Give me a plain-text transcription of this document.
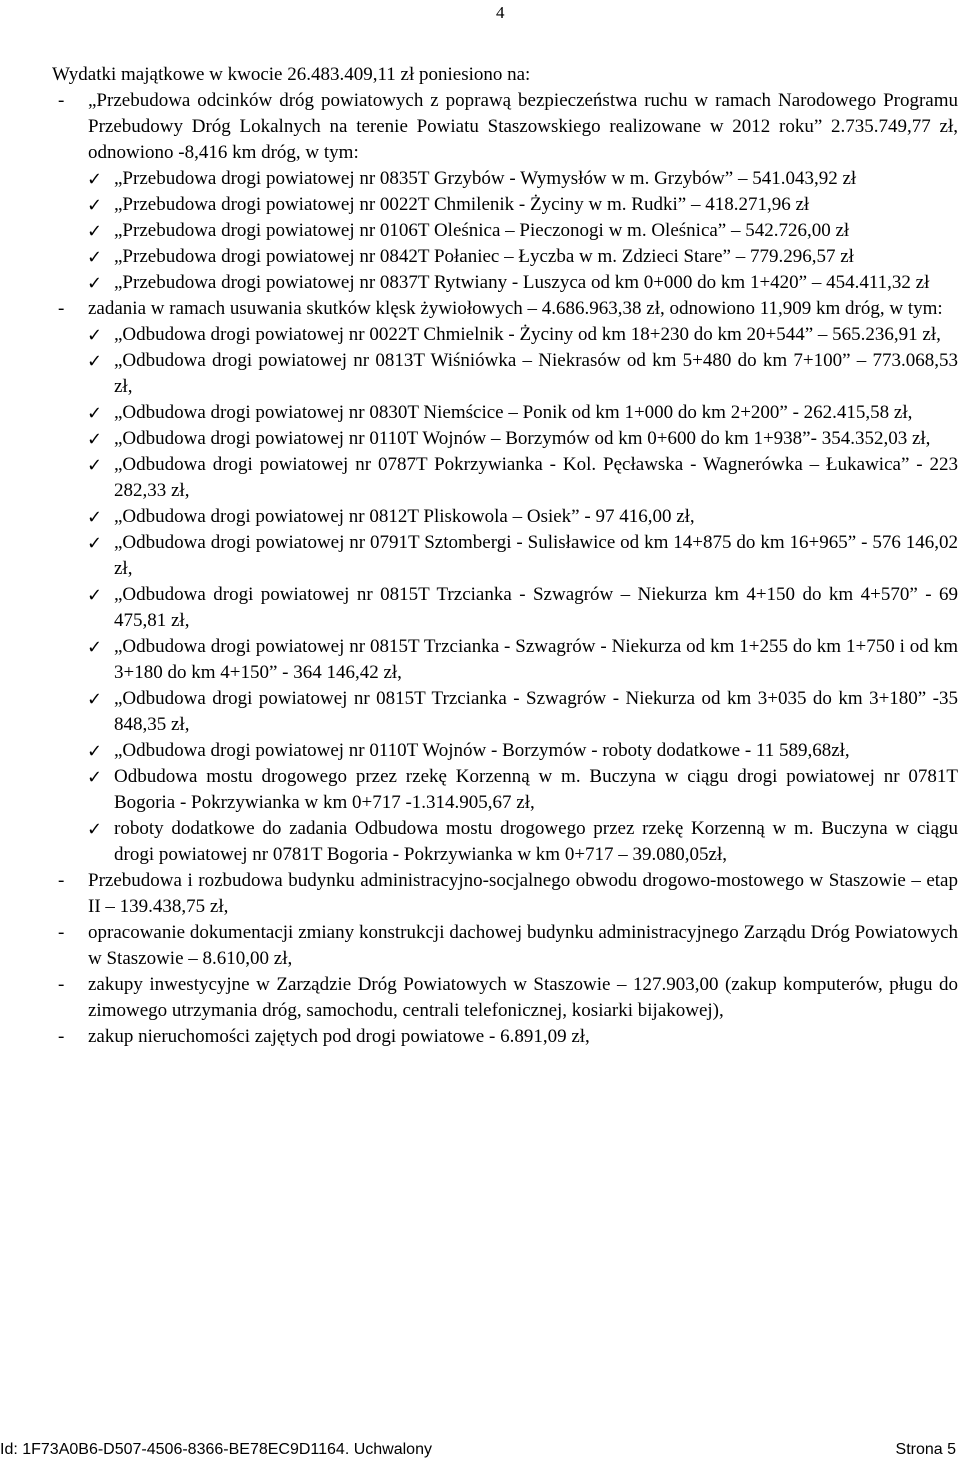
4

Wydatki majątkowe w kwocie 26.483.409,11 zł poniesiono na:

- „Przebudowa odcinków dróg powiatowych z poprawą bezpieczeństwa ruchu w ramach Narodowego Programu Przebudowy Dróg Lokalnych na terenie Powiatu Staszowskiego realizowane w 2012 roku” 2.735.749,77 zł, odnowiono -8,416 km dróg, w tym:
✓ „Przebudowa drogi powiatowej nr 0835T Grzybów - Wymysłów w m. Grzybów” – 541.043,92 zł
✓ „Przebudowa drogi powiatowej nr 0022T Chmilenik - Życiny w m. Rudki” – 418.271,96 zł
✓ „Przebudowa drogi powiatowej nr 0106T Oleśnica – Pieczonogi w m. Oleśnica” – 542.726,00 zł
✓ „Przebudowa drogi powiatowej nr 0842T Połaniec – Łyczba w m. Zdzieci Stare” – 779.296,57 zł
✓ „Przebudowa drogi powiatowej nr 0837T Rytwiany - Luszyca od km 0+000 do km 1+420” – 454.411,32 zł
- zadania w ramach usuwania skutków klęsk żywiołowych – 4.686.963,38 zł, odnowiono 11,909 km dróg, w tym:
✓ „Odbudowa drogi powiatowej nr 0022T Chmielnik - Życiny od km 18+230 do km 20+544” – 565.236,91 zł,
✓ „Odbudowa drogi powiatowej nr 0813T Wiśniówka – Niekrasów od km 5+480 do km 7+100” – 773.068,53 zł,
✓ „Odbudowa drogi powiatowej nr 0830T Niemścice – Ponik od km 1+000 do km 2+200” - 262.415,58 zł,
✓ „Odbudowa drogi powiatowej nr 0110T Wojnów – Borzymów od km 0+600 do km 1+938”- 354.352,03 zł,
✓ „Odbudowa drogi powiatowej nr 0787T Pokrzywianka - Kol. Pęcławska - Wagnerówka – Łukawica” - 223 282,33 zł,
✓ „Odbudowa drogi powiatowej nr 0812T Pliskowola – Osiek” - 97 416,00 zł,
✓ „Odbudowa drogi powiatowej nr 0791T Sztombergi - Sulisławice od km 14+875 do km 16+965” - 576 146,02 zł,
✓ „Odbudowa drogi powiatowej nr 0815T Trzcianka - Szwagrów – Niekurza km 4+150 do km 4+570” - 69 475,81 zł,
✓ „Odbudowa drogi powiatowej nr 0815T Trzcianka - Szwagrów - Niekurza od km 1+255 do km 1+750 i od km 3+180 do km 4+150” - 364 146,42 zł,
✓ „Odbudowa drogi powiatowej nr 0815T Trzcianka - Szwagrów - Niekurza od km 3+035 do km 3+180” -35 848,35 zł,
✓ „Odbudowa drogi powiatowej nr 0110T Wojnów - Borzymów - roboty dodatkowe - 11 589,68zł,
✓ Odbudowa mostu drogowego przez rzekę Korzenną w m. Buczyna w ciągu drogi powiatowej nr 0781T Bogoria - Pokrzywianka w km 0+717 -1.314.905,67 zł,
✓ roboty dodatkowe do zadania Odbudowa mostu drogowego przez rzekę Korzenną w m. Buczyna w ciągu drogi powiatowej nr 0781T Bogoria - Pokrzywianka w km 0+717 – 39.080,05zł,
- Przebudowa i rozbudowa budynku administracyjno-socjalnego obwodu drogowo-mostowego w Staszowie – etap II – 139.438,75 zł,
- opracowanie dokumentacji zmiany konstrukcji dachowej budynku administracyjnego Zarządu Dróg Powiatowych w Staszowie – 8.610,00 zł,
- zakupy inwestycyjne w Zarządzie Dróg Powiatowych w Staszowie – 127.903,00 (zakup komputerów, pługu do zimowego utrzymania dróg, samochodu, centrali telefonicznej, kosiarki bijakowej),
- zakup nieruchomości zajętych pod drogi powiatowe - 6.891,09 zł,
Id: 1F73A0B6-D507-4506-8366-BE78EC9D1164. Uchwalony	Strona 5
